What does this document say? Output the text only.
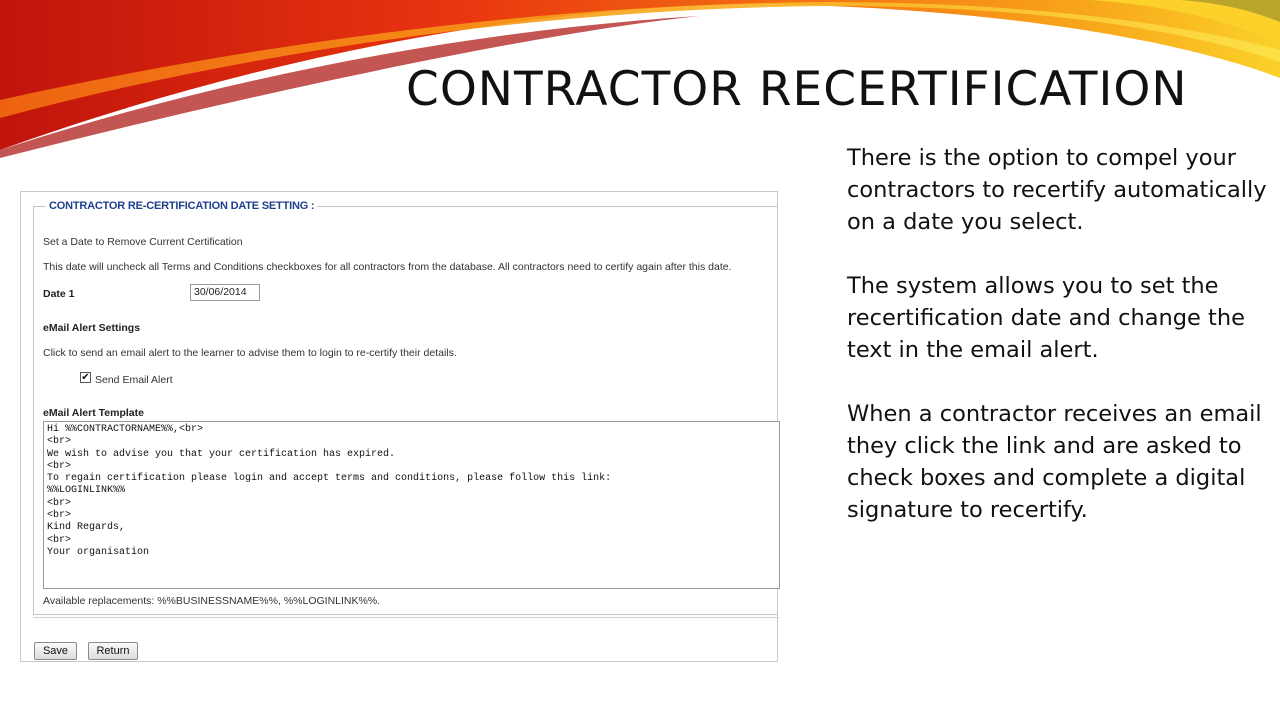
CONTRACTOR RECERTIFICATION

There is the option to compel your contractors to recertify automatically on a date you select.

The system allows you to set the recertification date and change the text in the email alert.

When a contractor receives an email they click the link and are asked to check boxes and complete a digital signature to recertify.

CONTRACTOR RE-CERTIFICATION DATE SETTING :
Set a Date to Remove Current Certification
This date will uncheck all Terms and Conditions checkboxes for all contractors from the database. All contractors need to certify again after this date.
Date 1	30/06/2014
eMail Alert Settings
Click to send an email alert to the learner to advise them to login to re-certify their details.
✔ Send Email Alert
eMail Alert Template
Hi %%CONTRACTORNAME%%,<br>
<br>
We wish to advise you that your certification has expired.
<br>
To regain certification please login and accept terms and conditions, please follow this link:
%%LOGINLINK%%
<br>
<br>
Kind Regards,
<br>
Your organisation
Available replacements: %%BUSINESSNAME%%, %%LOGINLINK%%.
Save	Return
